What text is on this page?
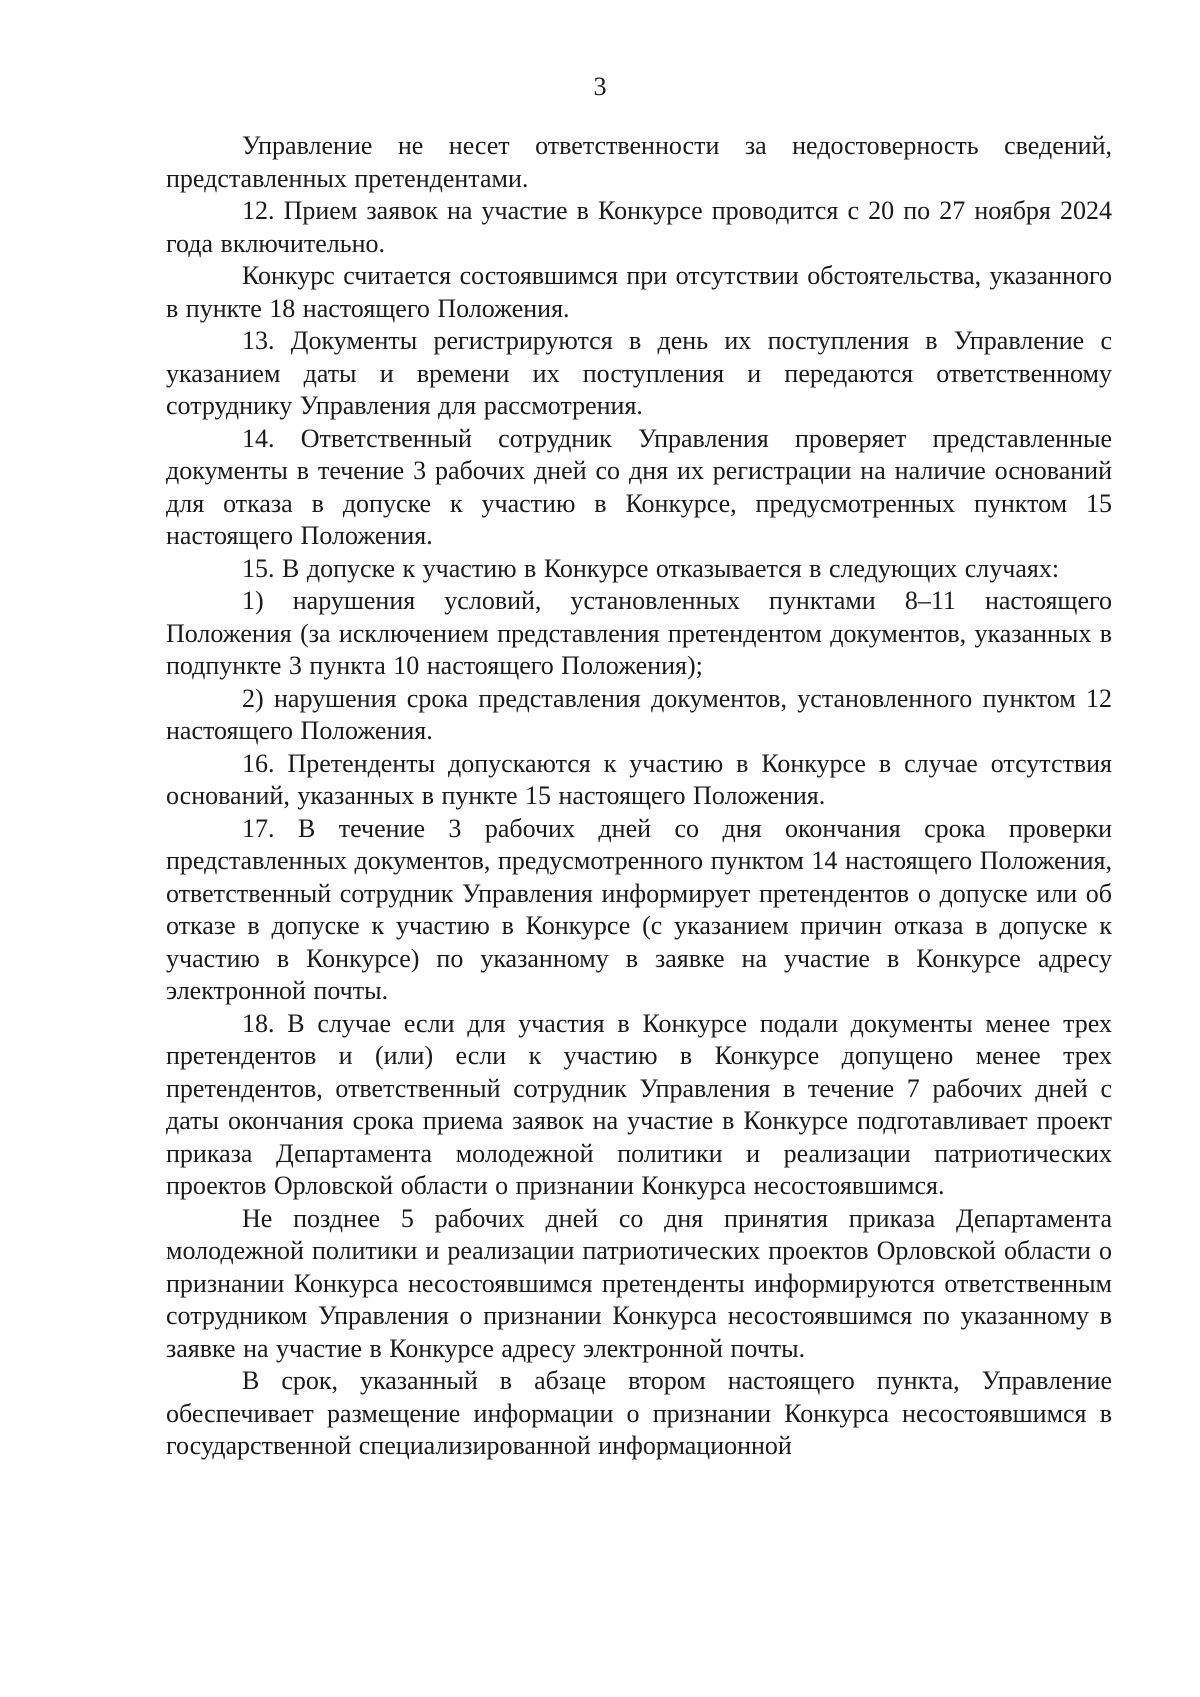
3

Управление не несет ответственности за недостоверность сведений, представленных претендентами.

12. Прием заявок на участие в Конкурсе проводится с 20 по 27 ноября 2024 года включительно.

Конкурс считается состоявшимся при отсутствии обстоятельства, указанного в пункте 18 настоящего Положения.

13. Документы регистрируются в день их поступления в Управление с указанием даты и времени их поступления и передаются ответственному сотруднику Управления для рассмотрения.

14. Ответственный сотрудник Управления проверяет представленные документы в течение 3 рабочих дней со дня их регистрации на наличие оснований для отказа в допуске к участию в Конкурсе, предусмотренных пунктом 15 настоящего Положения.

15. В допуске к участию в Конкурсе отказывается в следующих случаях:

1) нарушения условий, установленных пунктами 8–11 настоящего Положения (за исключением представления претендентом документов, указанных в подпункте 3 пункта 10 настоящего Положения);

2) нарушения срока представления документов, установленного пунктом 12 настоящего Положения.

16. Претенденты допускаются к участию в Конкурсе в случае отсутствия оснований, указанных в пункте 15 настоящего Положения.

17. В течение 3 рабочих дней со дня окончания срока проверки представленных документов, предусмотренного пунктом 14 настоящего Положения, ответственный сотрудник Управления информирует претендентов о допуске или об отказе в допуске к участию в Конкурсе (с указанием причин отказа в допуске к участию в Конкурсе) по указанному в заявке на участие в Конкурсе адресу электронной почты.

18. В случае если для участия в Конкурсе подали документы менее трех претендентов и (или) если к участию в Конкурсе допущено менее трех претендентов, ответственный сотрудник Управления в течение 7 рабочих дней с даты окончания срока приема заявок на участие в Конкурсе подготавливает проект приказа Департамента молодежной политики и реализации патриотических проектов Орловской области о признании Конкурса несостоявшимся.

Не позднее 5 рабочих дней со дня принятия приказа Департамента молодежной политики и реализации патриотических проектов Орловской области о признании Конкурса несостоявшимся претенденты информируются ответственным сотрудником Управления о признании Конкурса несостоявшимся по указанному в заявке на участие в Конкурсе адресу электронной почты.

В срок, указанный в абзаце втором настоящего пункта, Управление обеспечивает размещение информации о признании Конкурса несостоявшимся в государственной специализированной информационной
